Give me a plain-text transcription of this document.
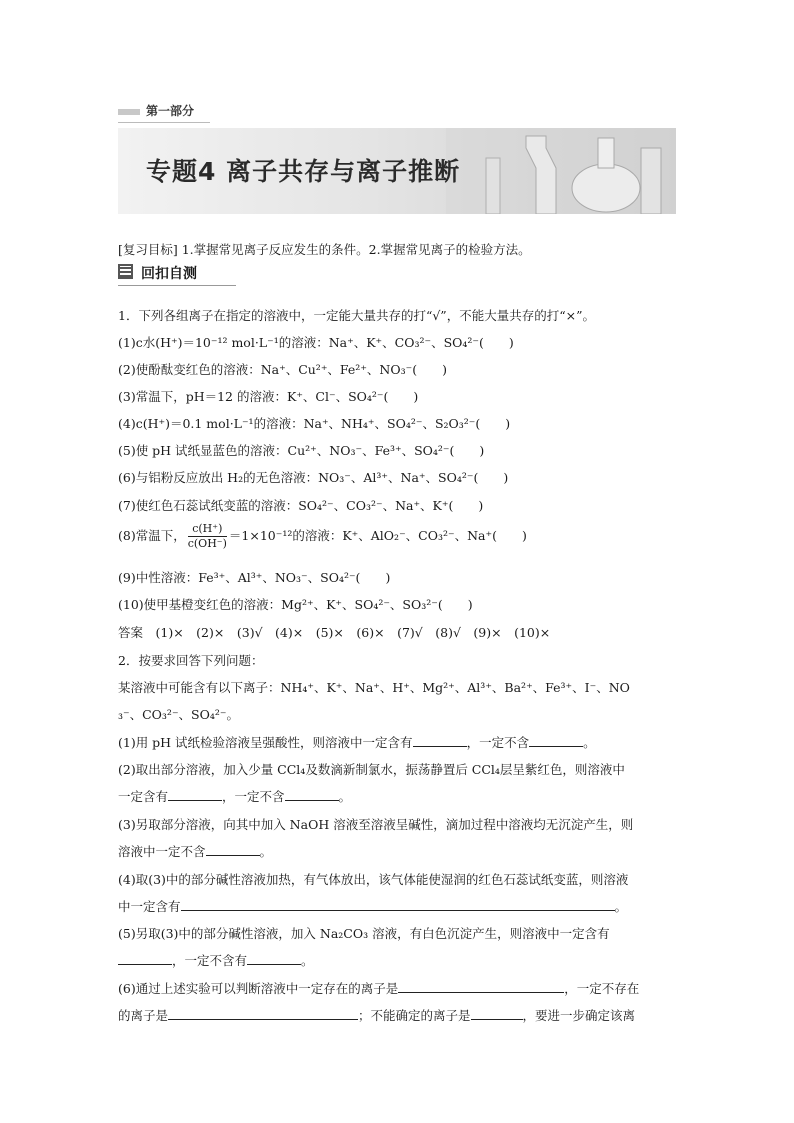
第一部分
专题4 离子共存与离子推断
[复习目标] 1.掌握常见离子反应发生的条件。2.掌握常见离子的检验方法。
回扣自测
1．下列各组离子在指定的溶液中，一定能大量共存的打“√”，不能大量共存的打“×”。
(1)c水(H⁺)＝10⁻¹² mol·L⁻¹的溶液：Na⁺、K⁺、CO₃²⁻、SO₄²⁻(　　)
(2)使酚酞变红色的溶液：Na⁺、Cu²⁺、Fe²⁺、NO₃⁻(　　)
(3)常温下，pH＝12 的溶液：K⁺、Cl⁻、SO₄²⁻(　　)
(4)c(H⁺)＝0.1 mol·L⁻¹的溶液：Na⁺、NH₄⁺、SO₄²⁻、S₂O₃²⁻(　　)
(5)使 pH 试纸显蓝色的溶液：Cu²⁺、NO₃⁻、Fe³⁺、SO₄²⁻(　　)
(6)与铝粉反应放出 H₂的无色溶液：NO₃⁻、Al³⁺、Na⁺、SO₄²⁻(　　)
(7)使红色石蕊试纸变蓝的溶液：SO₄²⁻、CO₃²⁻、Na⁺、K⁺(　　)
(8)常温下， $\frac{c(H^+)}{c(OH^-)} =1\times 10^{-12}$的溶液：K⁺、AlO₂⁻、CO₃²⁻、Na⁺(　　)
(9)中性溶液：Fe³⁺、Al³⁺、NO₃⁻、SO₄²⁻(　　)
(10)使甲基橙变红色的溶液：Mg²⁺、K⁺、SO₄²⁻、SO₃²⁻(　　)
答案　(1)×　(2)×　(3)√　(4)×　(5)×　(6)×　(7)√　(8)√　(9)×　(10)×
2．按要求回答下列问题：
某溶液中可能含有以下离子：NH₄⁺、K⁺、Na⁺、H⁺、Mg²⁺、Al³⁺、Ba²⁺、Fe³⁺、I⁻、NO
₃⁻、CO₃²⁻、SO₄²⁻。
(1)用 pH 试纸检验溶液呈强酸性，则溶液中一定含有	，一定不含	。
(2)取出部分溶液，加入少量 CCl₄及数滴新制氯水，振荡静置后 CCl₄层呈紫红色，则溶液中
一定含有	，一定不含	。
(3)另取部分溶液，向其中加入 NaOH 溶液至溶液呈碱性，滴加过程中溶液均无沉淀产生，则
溶液中一定不含	。
(4)取(3)中的部分碱性溶液加热，有气体放出，该气体能使湿润的红色石蕊试纸变蓝，则溶液
中一定含有	。
(5)另取(3)中的部分碱性溶液，加入 Na₂CO₃ 溶液，有白色沉淀产生，则溶液中一定含有
，一定不含有	。
(6)通过上述实验可以判断溶液中一定存在的离子是	，一定不存在
的离子是	；不能确定的离子是	，要进一步确定该离
